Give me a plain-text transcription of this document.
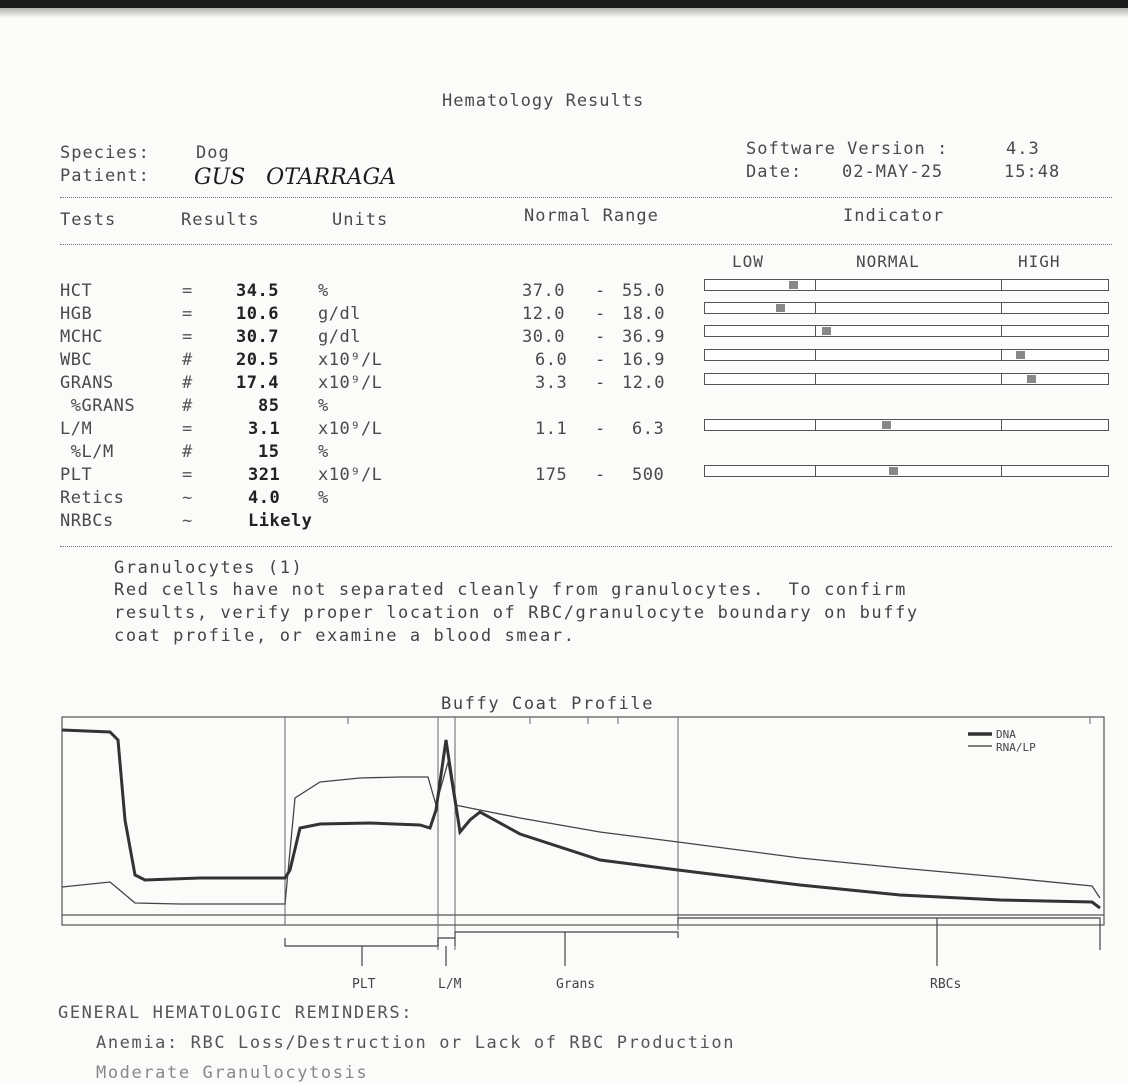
Hematology Results
Species:	Dog
Patient: GUS   OTARRAGA
Software Version :	4.3
Date: 02-MAY-25	15:48
Tests	Results	Units	Normal Range	Indicator
LOW	NORMAL	HIGH
HCT	=	34.5 %	37.0 - 55.0
HGB	=	10.6 g/dl	12.0 - 18.0
MCHC	=	30.7 g/dl	30.0 - 36.9
WBC	#	20.5 x10⁹/L	6.0 - 16.9
GRANS	#	17.4 x10⁹/L	3.3 - 12.0
%GRANS	#	85 %
L/M	=	3.1 x10⁹/L	1.1 - 6.3
%L/M	#	15 %
PLT	=	321 x10⁹/L	175 - 500
Retics	~	4.0 %
NRBCs	~	Likely
Granulocytes (1)
Red cells have not separated cleanly from granulocytes.  To confirm
results, verify proper location of RBC/granulocyte boundary on buffy
coat profile, or examine a blood smear.
Buffy Coat Profile
DNA
RNA/LP
PLT	L/M	Grans	RBCs
GENERAL HEMATOLOGIC REMINDERS:
Anemia: RBC Loss/Destruction or Lack of RBC Production
Moderate Granulocytosis
